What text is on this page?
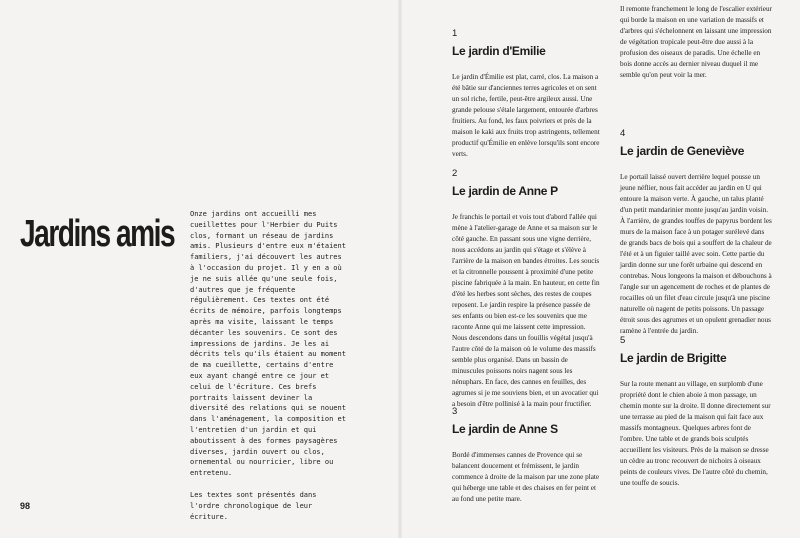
Jardins amis Onze jardins ont accueilli mes cueillettes pour l'Herbier du Puits clos, formant un réseau de jardins amis. Plusieurs d'entre eux m'étaient familiers, j'ai découvert les autres à l'occasion du projet. Il y en a où je ne suis allée qu'une seule fois, d'autres que je fréquente régulièrement. Ces textes ont été écrits de mémoire, parfois longtemps après ma visite, laissant le temps décanter les souvenirs. Ce sont des impressions de jardins. Je les ai décrits tels qu'ils étaient au moment de ma cueillette, certains d'entre eux ayant changé entre ce jour et celui de l'écriture. Ces brefs portraits laissent deviner la diversité des relations qui se nouent dans l'aménagement, la composition et l'entretien d'un jardin et qui aboutissent à des formes paysagères diverses, jardin ouvert ou clos, ornemental ou nourricier, libre ou entretenu.

Les textes sont présentés dans l'ordre chronologique de leur écriture.

98

Il remonte franchement le long de l'escalier extérieur qui borde la maison en une variation de massifs et d'arbres qui s'échelonnent en laissant une impression de végétation tropicale peut-être due aussi à la profusion des oiseaux de paradis. Une échelle en bois donne accès au dernier niveau duquel il me semble qu'on peut voir la mer.

1
Le jardin d'Emilie

Le jardin d'Émilie est plat, carré, clos. La maison a été bâtie sur d'anciennes terres agricoles et on sent un sol riche, fertile, peut-être argileux aussi. Une grande pelouse s'étale largement, entourée d'arbres fruitiers. Au fond, les faux poivriers et près de la maison le kaki aux fruits trop astringents, tellement productif qu'Émilie en enlève lorsqu'ils sont encore verts.

2
Le jardin de Anne P

Je franchis le portail et vois tout d'abord l'allée qui mène à l'atelier-garage de Anne et sa maison sur le côté gauche. En passant sous une vigne derrière, nous accédons au jardin qui s'étage et s'élève à l'arrière de la maison en bandes étroites. Les soucis et la citronnelle poussent à proximité d'une petite piscine fabriquée à la main. En hauteur, en cette fin d'été les herbes sont sèches, des restes de coupes reposent. Le jardin respire la présence passée de ses enfants ou bien est-ce les souvenirs que me raconte Anne qui me laissent cette impression. Nous descendons dans un fouillis végétal jusqu'à l'autre côté de la maison où le volume des massifs semble plus organisé. Dans un bassin de minuscules poissons noirs nagent sous les nénuphars. En face, des cannes en feuilles, des agrumes si je me souviens bien, et un avocatier qui a besoin d'être pollinisé à la main pour fructifier.

3
Le jardin de Anne S

Bordé d'immenses cannes de Provence qui se balancent doucement et frémissent, le jardin commence à droite de la maison par une zone plate qui héberge une table et des chaises en fer peint et au fond une petite mare.

4
Le jardin de Geneviève

Le portail laissé ouvert derrière lequel pousse un jeune néflier, nous fait accéder au jardin en U qui entoure la maison verte. À gauche, un talus planté d'un petit mandarinier monte jusqu'au jardin voisin. À l'arrière, de grandes touffes de papyrus bordent les murs de la maison face à un potager surélevé dans de grands bacs de bois qui a souffert de la chaleur de l'été et à un figuier taillé avec soin. Cette partie du jardin donne sur une forêt urbaine qui descend en contrebas. Nous longeons la maison et débouchons à l'angle sur un agencement de roches et de plantes de rocailles où un filet d'eau circule jusqu'à une piscine naturelle où nagent de petits poissons. Un passage étroit sous des agrumes et un opulent grenadier nous ramène à l'entrée du jardin.

5
Le jardin de Brigitte

Sur la route menant au village, en surplomb d'une propriété dont le chien aboie à mon passage, un chemin monte sur la droite. Il donne directement sur une terrasse au pied de la maison qui fait face aux massifs montagneux. Quelques arbres font de l'ombre. Une table et de grands bois sculptés accueillent les visiteurs. Près de la maison se dresse un cèdre au tronc recouvert de nichoirs à oiseaux peints de couleurs vives. De l'autre côté du chemin, une touffe de soucis.
